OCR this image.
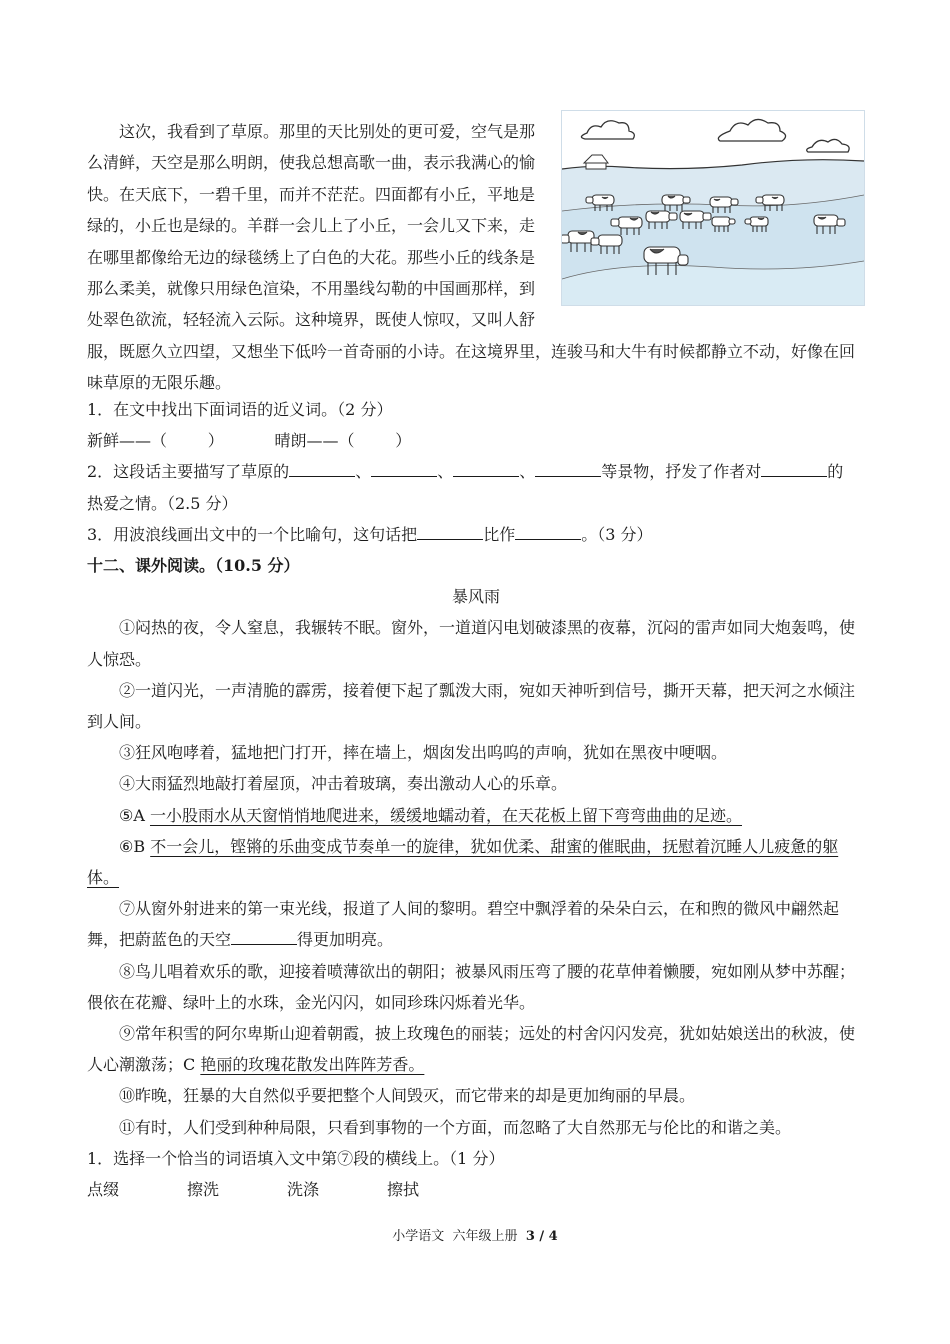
这次，我看到了草原。那里的天比别处的更可爱，空气是那么清鲜，天空是那么明朗，使我总想高歌一曲，表示我满心的愉快。在天底下，一碧千里，而并不茫茫。四面都有小丘，平地是绿的，小丘也是绿的。羊群一会儿上了小丘，一会儿又下来，走在哪里都像给无边的绿毯绣上了白色的大花。那些小丘的线条是那么柔美，就像只用绿色渲染，不用墨线勾勒的中国画那样，到处翠色欲流，轻轻流入云际。这种境界，既使人惊叹，又叫人舒服，既愿久立四望，又想坐下低吟一首奇丽的小诗。在这境界里，连骏马和大牛有时候都静立不动，好像在回味草原的无限乐趣。

1．在文中找出下面词语的近义词。（2 分）

新鲜——（        ）          晴朗——（        ）

2．这段话主要描写了草原的	、	、	、	等景物，抒发了作者对	的

热爱之情。（2.5 分）

3．用波浪线画出文中的一个比喻句，这句话把	比作	。（3 分）

十二、课外阅读。（10.5 分）

暴风雨

①闷热的夜，令人窒息，我辗转不眠。窗外，一道道闪电划破漆黑的夜幕，沉闷的雷声如同大炮轰鸣，使人惊恐。

②一道闪光，一声清脆的霹雳，接着便下起了瓢泼大雨，宛如天神听到信号，撕开天幕，把天河之水倾注到人间。

③狂风咆哮着，猛地把门打开，摔在墙上，烟囱发出呜呜的声响，犹如在黑夜中哽咽。

④大雨猛烈地敲打着屋顶，冲击着玻璃，奏出激动人心的乐章。

⑤A 一小股雨水从天窗悄悄地爬进来，缓缓地蠕动着，在天花板上留下弯弯曲曲的足迹。

⑥B 不一会儿，铿锵的乐曲变成节奏单一的旋律，犹如优柔、甜蜜的催眠曲，抚慰着沉睡人儿疲惫的躯体。

⑦从窗外射进来的第一束光线，报道了人间的黎明。碧空中飘浮着的朵朵白云，在和煦的微风中翩然起舞，把蔚蓝色的天空	得更加明亮。

⑧鸟儿唱着欢乐的歌，迎接着喷薄欲出的朝阳；被暴风雨压弯了腰的花草伸着懒腰，宛如刚从梦中苏醒；偎依在花瓣、绿叶上的水珠，金光闪闪，如同珍珠闪烁着光华。

⑨常年积雪的阿尔卑斯山迎着朝霞，披上玫瑰色的丽装；远处的村舍闪闪发亮，犹如姑娘送出的秋波，使人心潮激荡；C 艳丽的玫瑰花散发出阵阵芳香。

⑩昨晚，狂暴的大自然似乎要把整个人间毁灭，而它带来的却是更加绚丽的早晨。

⑪有时，人们受到种种局限，只看到事物的一个方面，而忽略了大自然那无与伦比的和谐之美。

1．选择一个恰当的词语填入文中第⑦段的横线上。（1 分）

点缀	擦洗	洗涤	擦拭

小学语文  六年级上册  3 / 4
